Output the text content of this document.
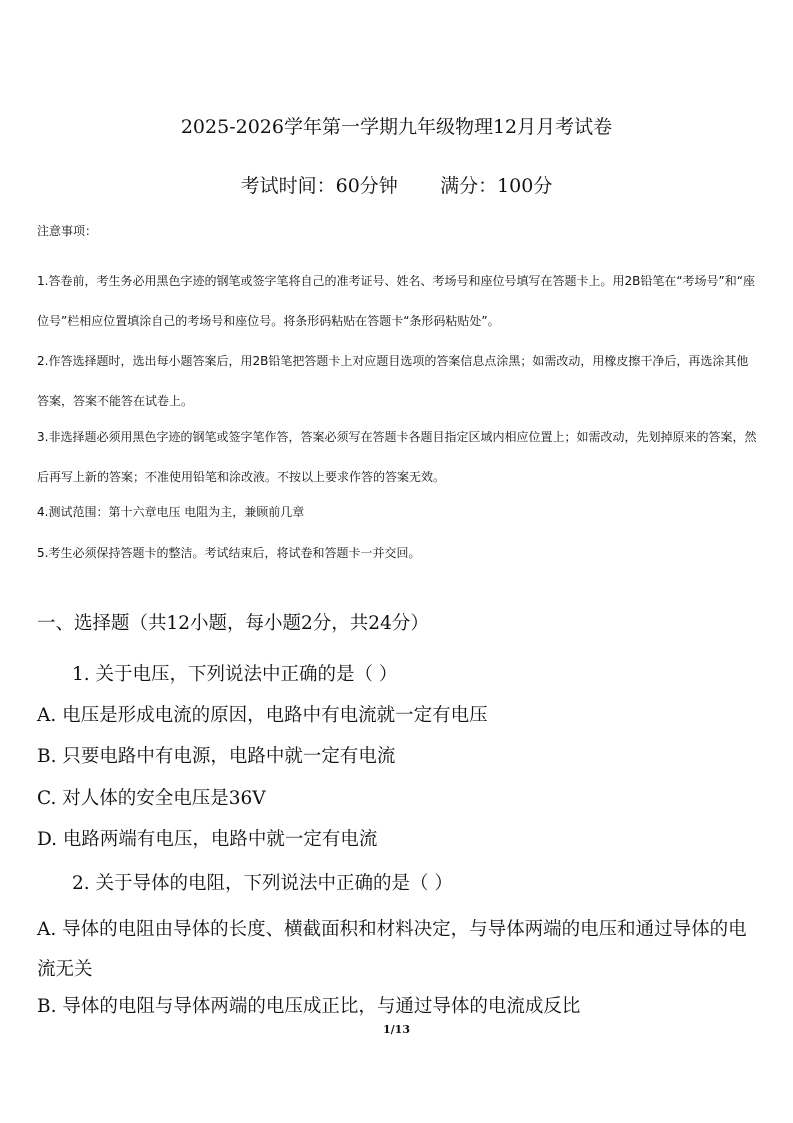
2025-2026学年第一学期九年级物理12月月考试卷
考试时间：60分钟       满分：100分
注意事项：
1.答卷前，考生务必用黑色字迹的钢笔或签字笔将自己的准考证号、姓名、考场号和座位号填写在答题卡上。用2B铅笔在“考场号”和“座位号”栏相应位置填涂自己的考场号和座位号。将条形码粘贴在答题卡“条形码粘贴处”。
2.作答选择题时，选出每小题答案后，用2B铅笔把答题卡上对应题目选项的答案信息点涂黑；如需改动，用橡皮擦干净后，再选涂其他答案，答案不能答在试卷上。
3.非选择题必须用黑色字迹的钢笔或签字笔作答，答案必须写在答题卡各题目指定区域内相应位置上；如需改动，先划掉原来的答案，然后再写上新的答案；不准使用铅笔和涂改液。不按以上要求作答的答案无效。
4.测试范围：第十六章电压 电阻为主，兼顾前几章
5.考生必须保持答题卡的整洁。考试结束后，将试卷和答题卡一并交回。
一、选择题（共12小题，每小题2分，共24分）
1. 关于电压，下列说法中正确的是（ ）
A. 电压是形成电流的原因，电路中有电流就一定有电压
B. 只要电路中有电源，电路中就一定有电流
C. 对人体的安全电压是36V
D. 电路两端有电压，电路中就一定有电流
2. 关于导体的电阻，下列说法中正确的是（ ）
A. 导体的电阻由导体的长度、横截面积和材料决定，与导体两端的电压和通过导体的电流无关
B. 导体的电阻与导体两端的电压成正比，与通过导体的电流成反比
1/13
